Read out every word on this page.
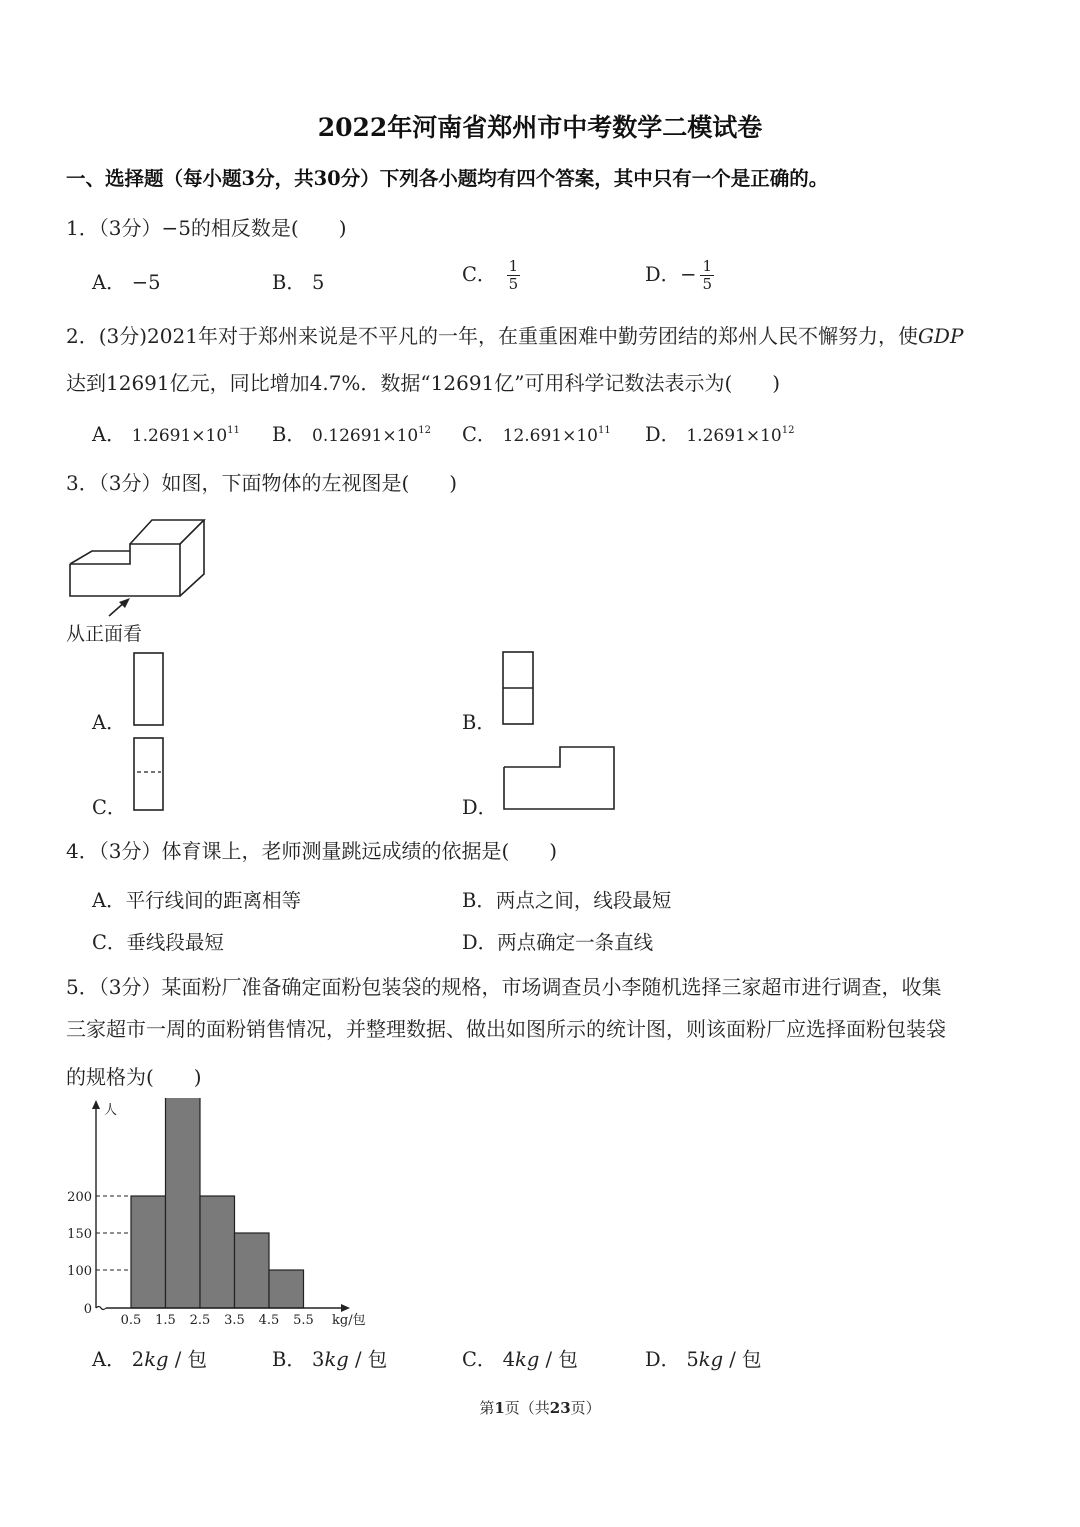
2022年河南省郑州市中考数学二模试卷
一、选择题（每小题3分，共30分）下列各小题均有四个答案，其中只有一个是正确的。
1．（3分）−5的相反数是(　　)
A． −5	B． 5	C． $\frac{1}{5}$	D．− $\frac{1}{5}$
2．(3分)2021年对于郑州来说是不平凡的一年，在重重困难中勤劳团结的郑州人民不懈努力，使GDP
达到12691亿元，同比增加4.7%．数据“12691亿”可用科学记数法表示为(　　)
A． $1.2691\times 10^{11}$ B． $0.12691\times 10^{12}$ C． $12.691\times 10^{11}$ D． $1.2691\times 10^{12}$
3．（3分）如图，下面物体的左视图是(　　)
从正面看
A．	B．
C．	D．
4．（3分）体育课上，老师测量跳远成绩的依据是(　　)
A．平行线间的距离相等	B．两点之间，线段最短
C．垂线段最短	D．两点确定一条直线
5．（3分）某面粉厂准备确定面粉包装袋的规格，市场调查员小李随机选择三家超市进行调查，收集
三家超市一周的面粉销售情况，并整理数据、做出如图所示的统计图，则该面粉厂应选择面粉包装袋
的规格为(　　)
0
100
150
200
0.5 1.5 2.5 3.5 4.5 5.5
人
kg/包
A． 2kg / 包	B． 3kg / 包	C． 4kg / 包	D． 5kg / 包
第1页（共23页）
